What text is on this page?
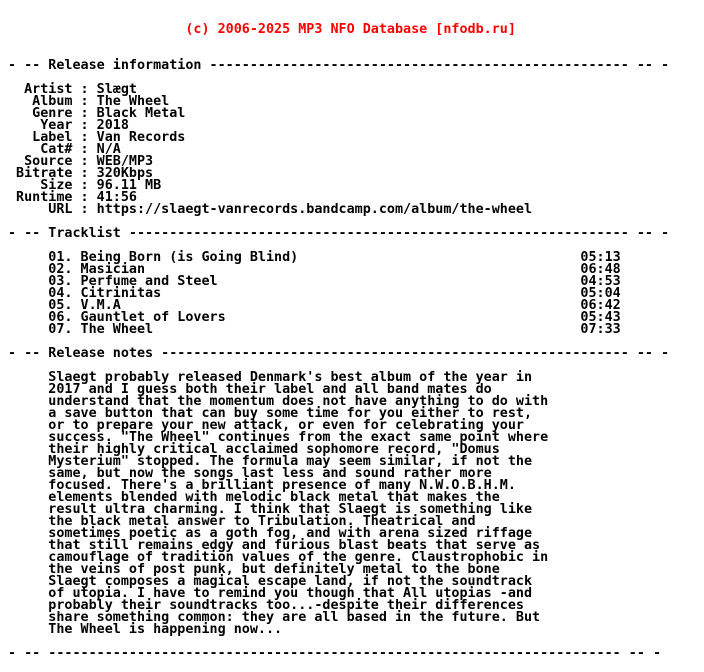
(c) 2006-2025 MP3 NFO Database [nfodb.ru]

- -- Release information ---------------------------------------------------- -- -
Artist : Slægt
Album : The Wheel
Genre : Black Metal
Year : 2018
Label : Van Records
Cat# : N/A
Source : WEB/MP3
Bitrate : 320Kbps
Size : 96.11 MB
Runtime : 41:56
URL : https://slaegt-vanrecords.bandcamp.com/album/the-wheel
- -- Tracklist -------------------------------------------------------------- -- -
01. Being Born (is Going Blind)                                   05:13
02. Masician                                                      06:48
03. Perfume and Steel                                             04:53
04. Citrinitas                                                    05:04
05. V.M.A                                                         06:42
06. Gauntlet of Lovers                                            05:43
07. The Wheel                                                     07:33
- -- Release notes ---------------------------------------------------------- -- -
Slaegt probably released Denmark's best album of the year in
2017 and I guess both their label and all band mates do
understand that the momentum does not have anything to do with
a save button that can buy some time for you either to rest,
or to prepare your new attack, or even for celebrating your
success. "The Wheel" continues from the exact same point where
their highly critical acclaimed sophomore record, "Domus
Mysterium" stopped. The formula may seem similar, if not the
same, but now the songs last less and sound rather more
focused. There's a brilliant presence of many N.W.O.B.H.M.
elements blended with melodic black metal that makes the
result ultra charming. I think that Slaegt is something like
the black metal answer to Tribulation. Theatrical and
sometimes poetic as a goth fog, and with arena sized riffage
that still remains edgy and furious blast beats that serve as
camouflage of tradition values of the genre. Claustrophobic in
the veins of post punk, but definitely metal to the bone
Slaegt composes a magical escape land, if not the soundtrack
of utopia. I have to remind you though that All utopias -and
probably their soundtracks too...-despite their differences
share something common: they are all based in the future. But
The Wheel is happening now...
- -- ----------------------------------------------------------------------- -- -
